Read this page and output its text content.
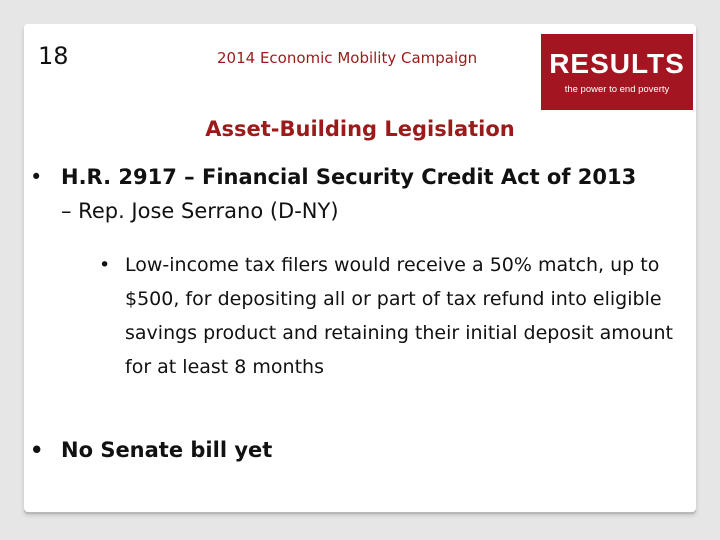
18	2014 Economic Mobility Campaign	RESULTS
the power to end poverty
Asset-Building Legislation
• H.R. 2917 – Financial Security Credit Act of 2013 – Rep. Jose Serrano (D-NY)
• Low-income tax filers would receive a 50% match, up to $500, for depositing all or part of tax refund into eligible savings product and retaining their initial deposit amount for at least 8 months
• No Senate bill yet
